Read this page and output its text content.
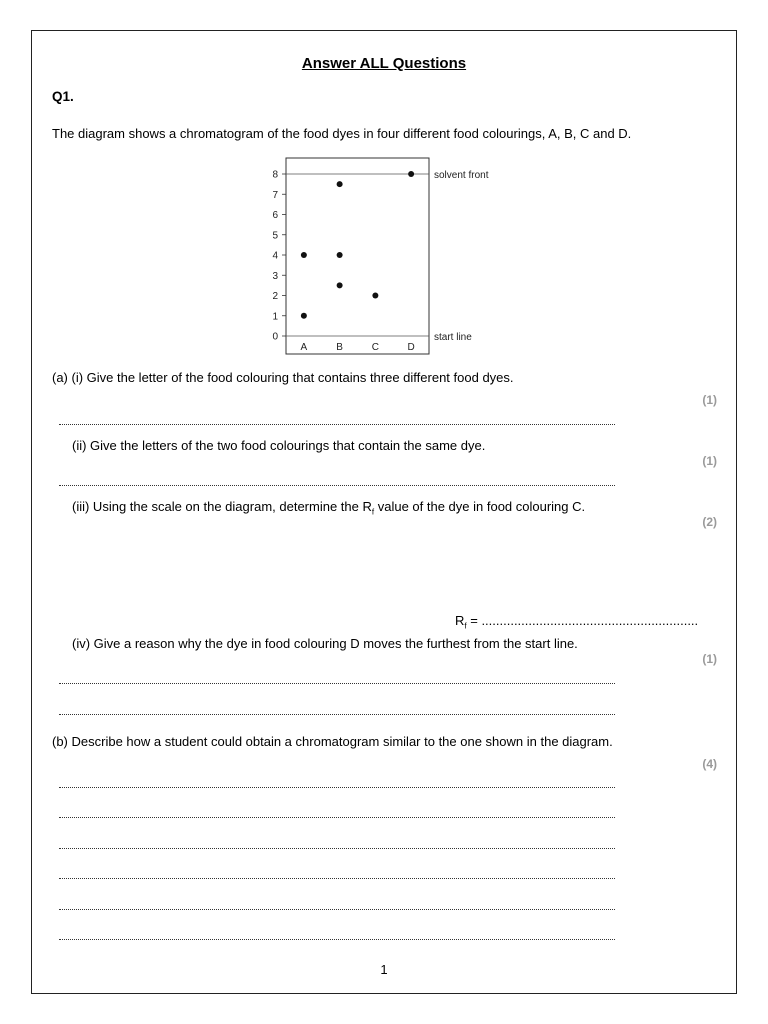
Answer ALL Questions
Q1.
The diagram shows a chromatogram of the food dyes in four different food colourings, A, B, C and D.
0
1
2
3
4
5
6
7
8
A	B	C	D
solvent front
start line
(a) (i) Give the letter of the food colouring that contains three different food dyes.
(1)
(ii) Give the letters of the two food colourings that contain the same dye.
(1)
(iii) Using the scale on the diagram, determine the $R_f$ value of the dye in food colouring C.
(2)
$R_f$ = ............................................................
(iv) Give a reason why the dye in food colouring D moves the furthest from the start line.
(1)
(b) Describe how a student could obtain a chromatogram similar to the one shown in the diagram.
(4)
1
